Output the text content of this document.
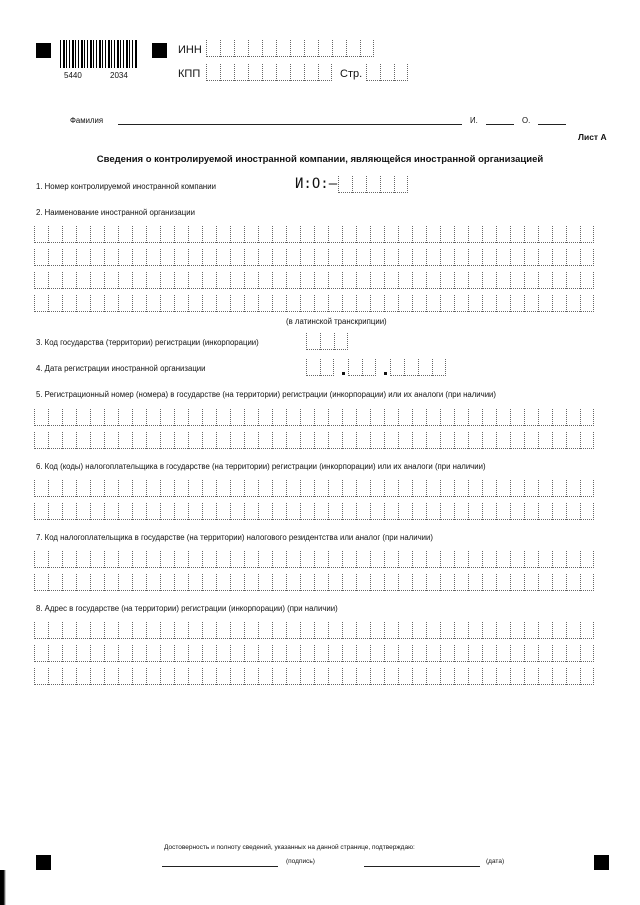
5440	2034
ИНН
КПП	Стр.
Фамилия	И.	О.
Лист А
Сведения о контролируемой иностранной компании, являющейся иностранной организацией
1. Номер контролируемой иностранной компании	И:О:–
2. Наименование иностранной организации
(в латинской транскрипции)
3. Код государства (территории) регистрации (инкорпорации)
4. Дата регистрации иностранной организации
5. Регистрационный номер (номера) в государстве (на территории) регистрации (инкорпорации) или их аналоги (при наличии)
6. Код (коды) налогоплательщика в государстве (на территории) регистрации (инкорпорации) или их аналоги (при наличии)
7. Код налогоплательщика в государстве (на территории) налогового резидентства или аналог (при наличии)
8. Адрес в государстве (на территории) регистрации (инкорпорации) (при наличии)
Достоверность и полноту сведений, указанных на данной странице, подтверждаю:
(подпись)	(дата)
